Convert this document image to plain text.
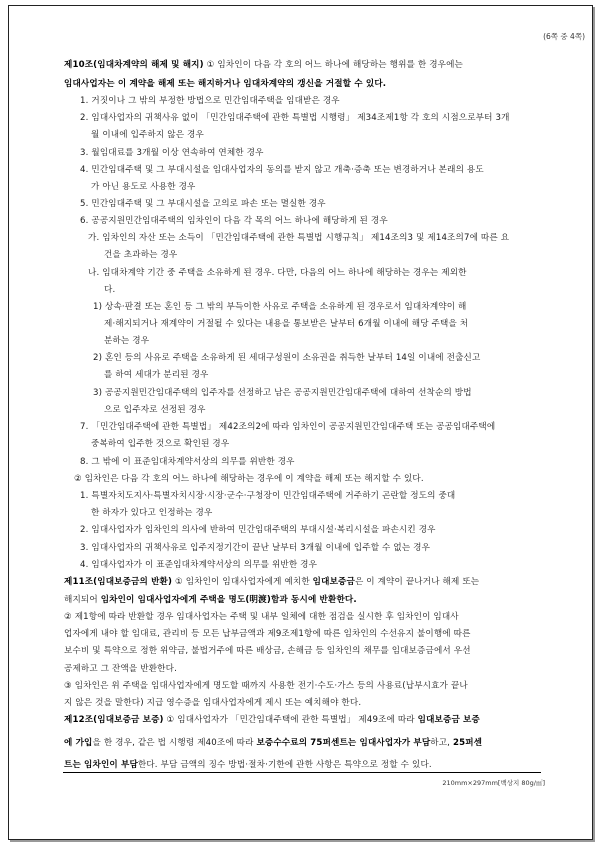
(6쪽 중 4쪽)
제10조(임대차계약의 해제 및 해지) ① 임차인이 다음 각 호의 어느 하나에 해당하는 행위를 한 경우에는
임대사업자는 이 계약을 해제 또는 해지하거나 임대차계약의 갱신을 거절할 수 있다.
1. 거짓이나 그 밖의 부정한 방법으로 민간임대주택을 임대받은 경우
2. 임대사업자의 귀책사유 없이 「민간임대주택에 관한 특별법 시행령」 제34조제1항 각 호의 시점으로부터 3개
월 이내에 입주하지 않은 경우
3. 월임대료를 3개월 이상 연속하여 연체한 경우
4. 민간임대주택 및 그 부대시설을 임대사업자의 동의를 받지 않고 개축·증축 또는 변경하거나 본래의 용도
가 아닌 용도로 사용한 경우
5. 민간임대주택 및 그 부대시설을 고의로 파손 또는 멸실한 경우
6. 공공지원민간임대주택의 임차인이 다음 각 목의 어느 하나에 해당하게 된 경우
가. 임차인의 자산 또는 소득이 「민간임대주택에 관한 특별법 시행규칙」 제14조의3 및 제14조의7에 따른 요
건을 초과하는 경우
나. 임대차계약 기간 중 주택을 소유하게 된 경우. 다만, 다음의 어느 하나에 해당하는 경우는 제외한
다.
1) 상속·판결 또는 혼인 등 그 밖의 부득이한 사유로 주택을 소유하게 된 경우로서 임대차계약이 해
제·해지되거나 재계약이 거절될 수 있다는 내용을 통보받은 날부터 6개월 이내에 해당 주택을 처
분하는 경우
2) 혼인 등의 사유로 주택을 소유하게 된 세대구성원이 소유권을 취득한 날부터 14일 이내에 전출신고
를 하여 세대가 분리된 경우
3) 공공지원민간임대주택의 입주자를 선정하고 남은 공공지원민간임대주택에 대하여 선착순의 방법
으로 입주자로 선정된 경우
7. 「민간임대주택에 관한 특별법」 제42조의2에 따라 임차인이 공공지원민간임대주택 또는 공공임대주택에
중복하여 입주한 것으로 확인된 경우
8. 그 밖에 이 표준임대차계약서상의 의무를 위반한 경우
② 임차인은 다음 각 호의 어느 하나에 해당하는 경우에 이 계약을 해제 또는 해지할 수 있다.
1. 특별자치도지사·특별자치시장·시장·군수·구청장이 민간임대주택에 거주하기 곤란할 정도의 중대
한 하자가 있다고 인정하는 경우
2. 임대사업자가 임차인의 의사에 반하여 민간임대주택의 부대시설·복리시설을 파손시킨 경우
3. 임대사업자의 귀책사유로 입주지정기간이 끝난 날부터 3개월 이내에 입주할 수 없는 경우
4. 임대사업자가 이 표준임대차계약서상의 의무를 위반한 경우
제11조(임대보증금의 반환) ① 임차인이 임대사업자에게 예치한 임대보증금은 이 계약이 끝나거나 해제 또는
해지되어 임차인이 임대사업자에게 주택을 명도(明渡)함과 동시에 반환한다.
② 제1항에 따라 반환할 경우 임대사업자는 주택 및 내부 일체에 대한 점검을 실시한 후 임차인이 임대사
업자에게 내야 할 임대료, 관리비 등 모든 납부금액과 제9조제1항에 따른 임차인의 수선유지 불이행에 따른
보수비 및 특약으로 정한 위약금, 불법거주에 따른 배상금, 손해금 등 임차인의 채무를 임대보증금에서 우선
공제하고 그 잔액을 반환한다.
③ 임차인은 위 주택을 임대사업자에게 명도할 때까지 사용한 전기·수도·가스 등의 사용료(납부시효가 끝나
지 않은 것을 말한다) 지급 영수증을 임대사업자에게 제시 또는 예치해야 한다.
제12조(임대보증금 보증) ① 임대사업자가 「민간임대주택에 관한 특별법」 제49조에 따라 임대보증금 보증
에 가입을 한 경우, 같은 법 시행령 제40조에 따라 보증수수료의 75퍼센트는 임대사업자가 부담하고, 25퍼센
트는 임차인이 부담한다. 부담 금액의 징수 방법·절차·기한에 관한 사항은 특약으로 정할 수 있다.
210mm×297mm[백상지 80g/㎡]
